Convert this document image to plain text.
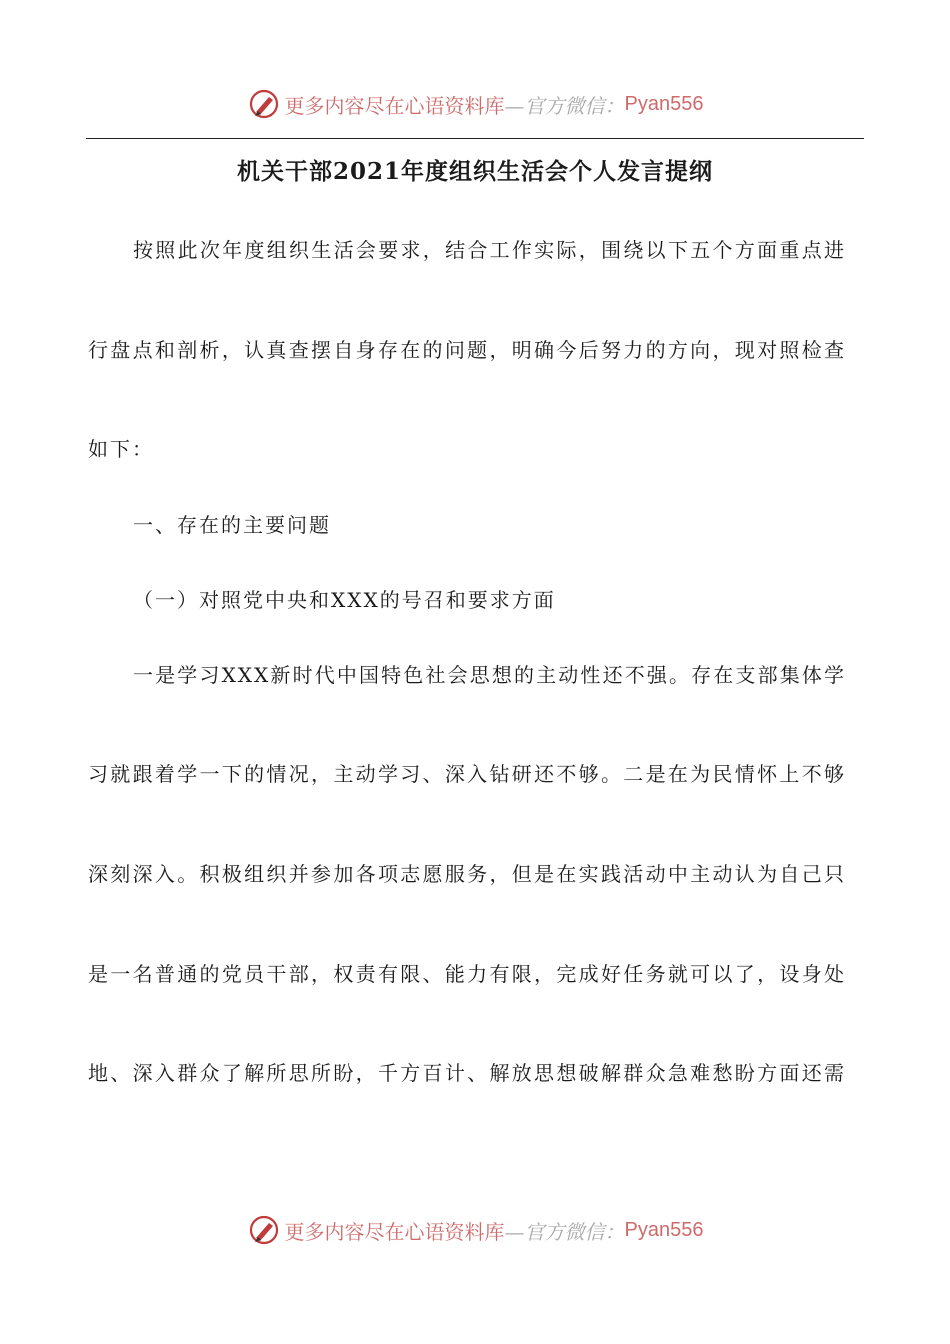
更多内容尽在心语资料库 —官方微信： Pyan556
机关干部2021年度组织生活会个人发言提纲
按照此次年度组织生活会要求，结合工作实际，围绕以下五个方面重点进
行盘点和剖析，认真查摆自身存在的问题，明确今后努力的方向，现对照检查
如下：
一、存在的主要问题
（一）对照党中央和XXX的号召和要求方面
一是学习XXX新时代中国特色社会思想的主动性还不强。存在支部集体学
习就跟着学一下的情况，主动学习、深入钻研还不够。二是在为民情怀上不够
深刻深入。积极组织并参加各项志愿服务，但是在实践活动中主动认为自己只
是一名普通的党员干部，权责有限、能力有限，完成好任务就可以了，设身处
地、深入群众了解所思所盼，千方百计、解放思想破解群众急难愁盼方面还需
更多内容尽在心语资料库 —官方微信： Pyan556
